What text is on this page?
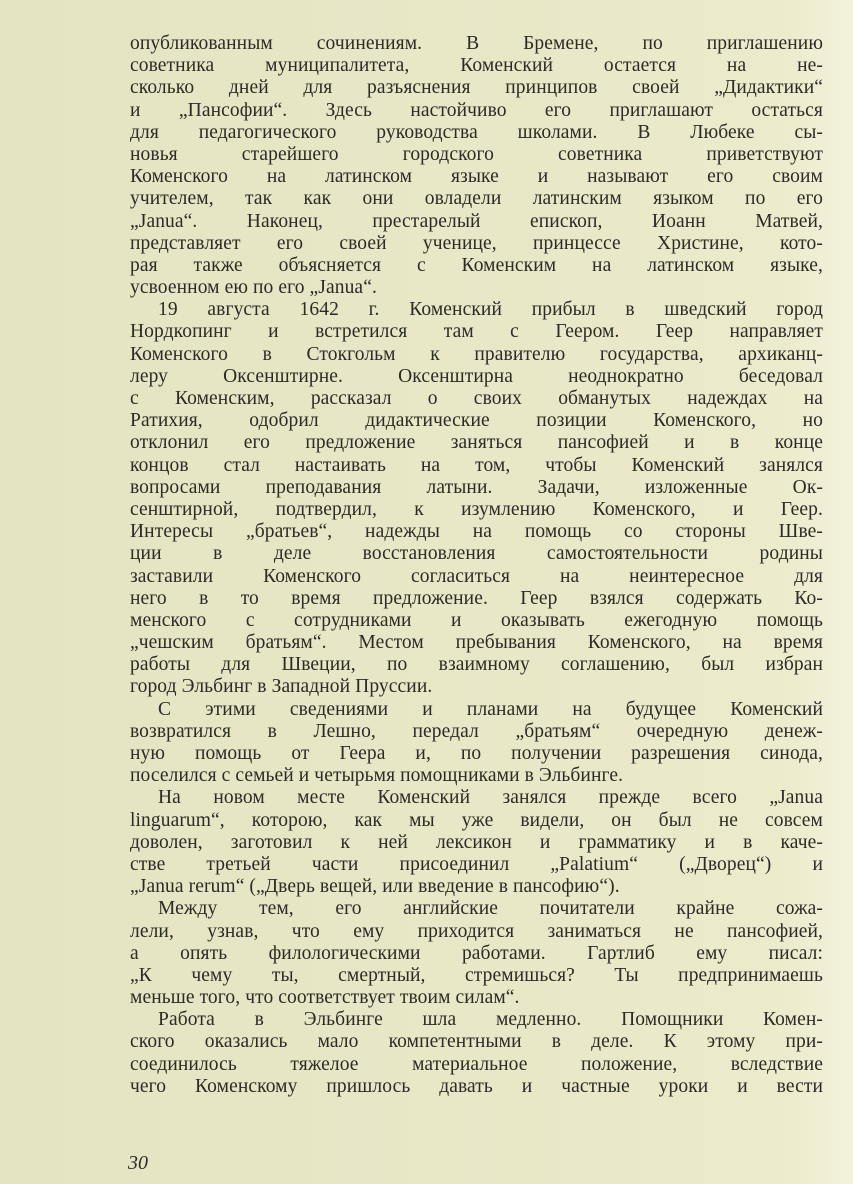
опубликованным сочинениям. В Бремене, по приглашению
советника муниципалитета, Коменский остается на не-
сколько дней для разъяснения принципов своей „Дидактики“
и „Пансофии“. Здесь настойчиво его приглашают остаться
для педагогического руководства школами. В Любеке сы-
новья старейшего городского советника приветствуют
Коменского на латинском языке и называют его своим
учителем, так как они овладели латинским языком по его
„Janua“. Наконец, престарелый епископ, Иоанн Матвей,
представляет его своей ученице, принцессе Христине, кото-
рая также объясняется с Коменским на латинском языке,
усвоенном ею по его „Janua“.
19 августа 1642 г. Коменский прибыл в шведский город
Нордкопинг и встретился там с Геером. Геер направляет
Коменского в Стокгольм к правителю государства, архиканц-
леру Оксенштирне. Оксенштирна неоднократно беседовал
с Коменским, рассказал о своих обманутых надеждах на
Ратихия, одобрил дидактические позиции Коменского, но
отклонил его предложение заняться пансофией и в конце
концов стал настаивать на том, чтобы Коменский занялся
вопросами преподавания латыни. Задачи, изложенные Ок-
сенштирной, подтвердил, к изумлению Коменского, и Геер.
Интересы „братьев“, надежды на помощь со стороны Шве-
ции в деле восстановления самостоятельности родины
заставили Коменского согласиться на неинтересное для
него в то время предложение. Геер взялся содержать Ко-
менского с сотрудниками и оказывать ежегодную помощь
„чешским братьям“. Местом пребывания Коменского, на время
работы для Швеции, по взаимному соглашению, был избран
город Эльбинг в Западной Пруссии.
С этими сведениями и планами на будущее Коменский
возвратился в Лешно, передал „братьям“ очередную денеж-
ную помощь от Геера и, по получении разрешения синода,
поселился с семьей и четырьмя помощниками в Эльбинге.
На новом месте Коменский занялся прежде всего „Janua
linguarum“, которою, как мы уже видели, он был не совсем
доволен, заготовил к ней лексикон и грамматику и в каче-
стве третьей части присоединил „Palatium“ („Дворец“) и
„Janua rerum“ („Дверь вещей, или введение в пансофию“).
Между тем, его английские почитатели крайне сожа-
лели, узнав, что ему приходится заниматься не пансофией,
а опять филологическими работами. Гартлиб ему писал:
„К чему ты, смертный, стремишься? Ты предпринимаешь
меньше того, что соответствует твоим силам“.
Работа в Эльбинге шла медленно. Помощники Комен-
ского оказались мало компетентными в деле. К этому при-
соединилось тяжелое материальное положение, вследствие
чего Коменскому пришлось давать и частные уроки и вести
30
